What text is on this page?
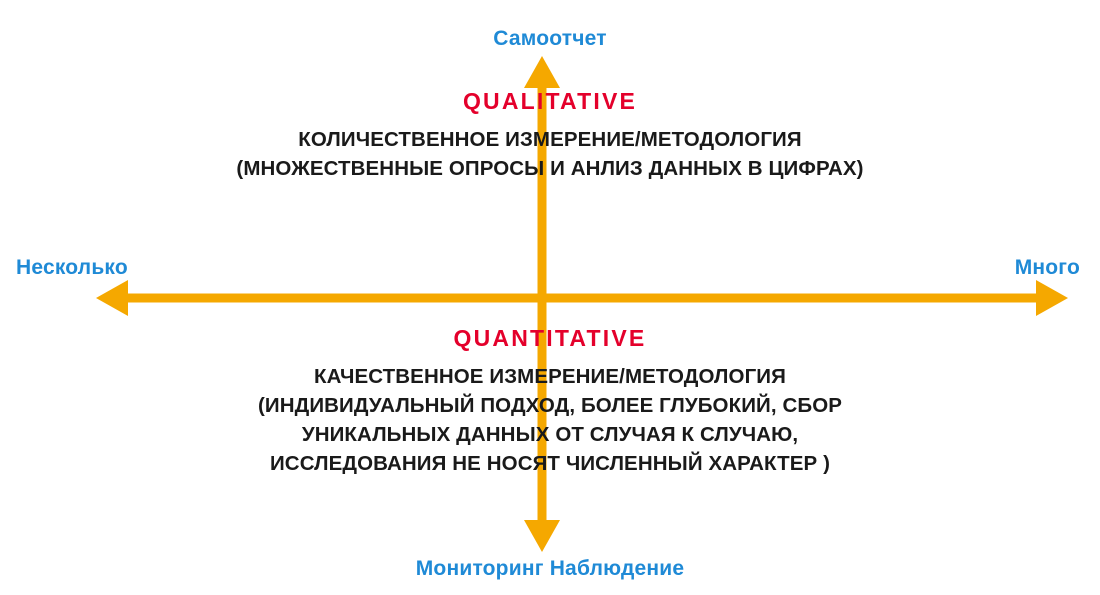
Самоотчет
Мониторинг Наблюдение
Несколько	Много
QUALITATIVE
КОЛИЧЕСТВЕННОЕ ИЗМЕРЕНИЕ/МЕТОДОЛОГИЯ
(МНОЖЕСТВЕННЫЕ ОПРОСЫ И АНЛИЗ ДАННЫХ В ЦИФРАХ)
QUANTITATIVE
КАЧЕСТВЕННОЕ ИЗМЕРЕНИЕ/МЕТОДОЛОГИЯ
(ИНДИВИДУАЛЬНЫЙ ПОДХОД, БОЛЕЕ ГЛУБОКИЙ, СБОР
УНИКАЛЬНЫХ ДАННЫХ ОТ СЛУЧАЯ К СЛУЧАЮ,
ИССЛЕДОВАНИЯ НЕ НОСЯТ ЧИСЛЕННЫЙ ХАРАКТЕР )
